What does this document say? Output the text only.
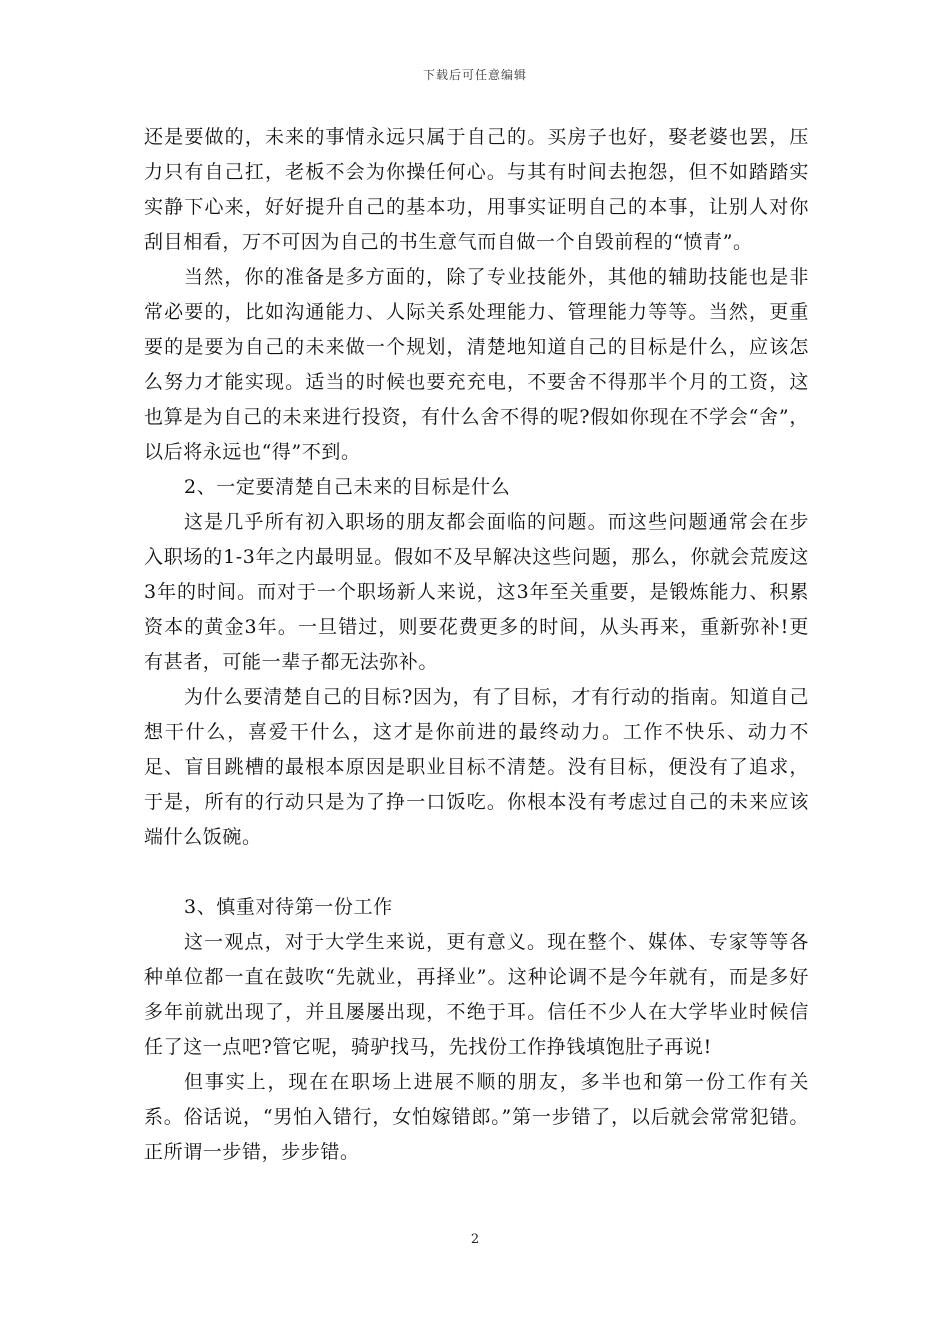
下载后可任意编辑

还是要做的，未来的事情永远只属于自己的。买房子也好，娶老婆也罢，压力只有自己扛，老板不会为你操任何心。与其有时间去抱怨，但不如踏踏实实静下心来，好好提升自己的基本功，用事实证明自己的本事，让别人对你刮目相看，万不可因为自己的书生意气而自做一个自毁前程的“愤青”。

当然，你的准备是多方面的，除了专业技能外，其他的辅助技能也是非常必要的，比如沟通能力、人际关系处理能力、管理能力等等。当然，更重要的是要为自己的未来做一个规划，清楚地知道自己的目标是什么，应该怎么努力才能实现。适当的时候也要充充电，不要舍不得那半个月的工资，这也算是为自己的未来进行投资，有什么舍不得的呢?假如你现在不学会“舍”，以后将永远也“得”不到。

2、一定要清楚自己未来的目标是什么

这是几乎所有初入职场的朋友都会面临的问题。而这些问题通常会在步入职场的1-3年之内最明显。假如不及早解决这些问题，那么，你就会荒废这3年的时间。而对于一个职场新人来说，这3年至关重要，是锻炼能力、积累资本的黄金3年。一旦错过，则要花费更多的时间，从头再来，重新弥补!更有甚者，可能一辈子都无法弥补。

为什么要清楚自己的目标?因为，有了目标，才有行动的指南。知道自己想干什么，喜爱干什么，这才是你前进的最终动力。工作不快乐、动力不足、盲目跳槽的最根本原因是职业目标不清楚。没有目标，便没有了追求，于是，所有的行动只是为了挣一口饭吃。你根本没有考虑过自己的未来应该端什么饭碗。

3、慎重对待第一份工作

这一观点，对于大学生来说，更有意义。现在整个、媒体、专家等等各种单位都一直在鼓吹“先就业，再择业”。这种论调不是今年就有，而是多好多年前就出现了，并且屡屡出现，不绝于耳。信任不少人在大学毕业时候信任了这一点吧?管它呢，骑驴找马，先找份工作挣钱填饱肚子再说!

但事实上，现在在职场上进展不顺的朋友，多半也和第一份工作有关系。俗话说，“男怕入错行，女怕嫁错郎。”第一步错了，以后就会常常犯错。正所谓一步错，步步错。

2
